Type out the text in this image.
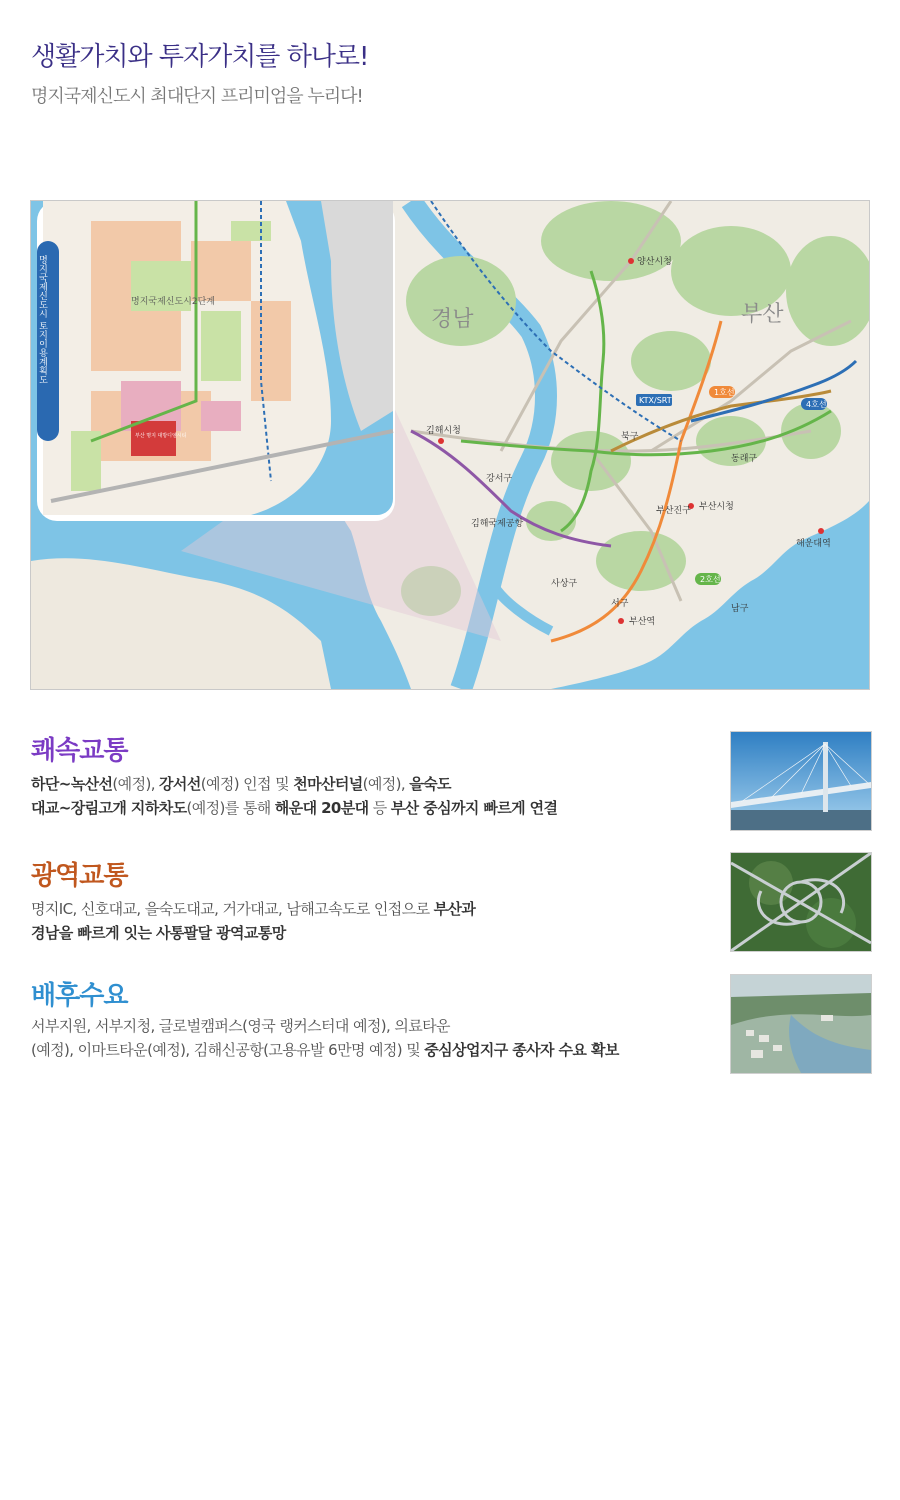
생활가치와 투자가치를 하나로!

명지국제신도시 최대단지 프리미엄을 누리다!

경남	부산
김해시청
양산시청
부산시청
부산역
해운대역
김해국제공항
사상구
북구
동래구
부산진구
강서구
남구
서구
1호선
2호선
4호선
KTX/SRT
부산 명지 대방디엠시티
명지국제신도시2단계
명지국제신도시 토지이용계획도
쾌속교통

하단~녹산선(예정), 강서선(예정) 인접 및 천마산터널(예정), 을숙도
대교~장림고개 지하차도(예정)를 통해 해운대 20분대 등 부산 중심까지 빠르게 연결

광역교통

명지IC, 신호대교, 을숙도대교, 거가대교, 남해고속도로 인접으로 부산과
경남을 빠르게 잇는 사통팔달 광역교통망

배후수요

서부지원, 서부지청, 글로벌캠퍼스(영국 랭커스터대 예정), 의료타운
(예정), 이마트타운(예정), 김해신공항(고용유발 6만명 예정) 및 중심상업지구 종사자 수요 확보
